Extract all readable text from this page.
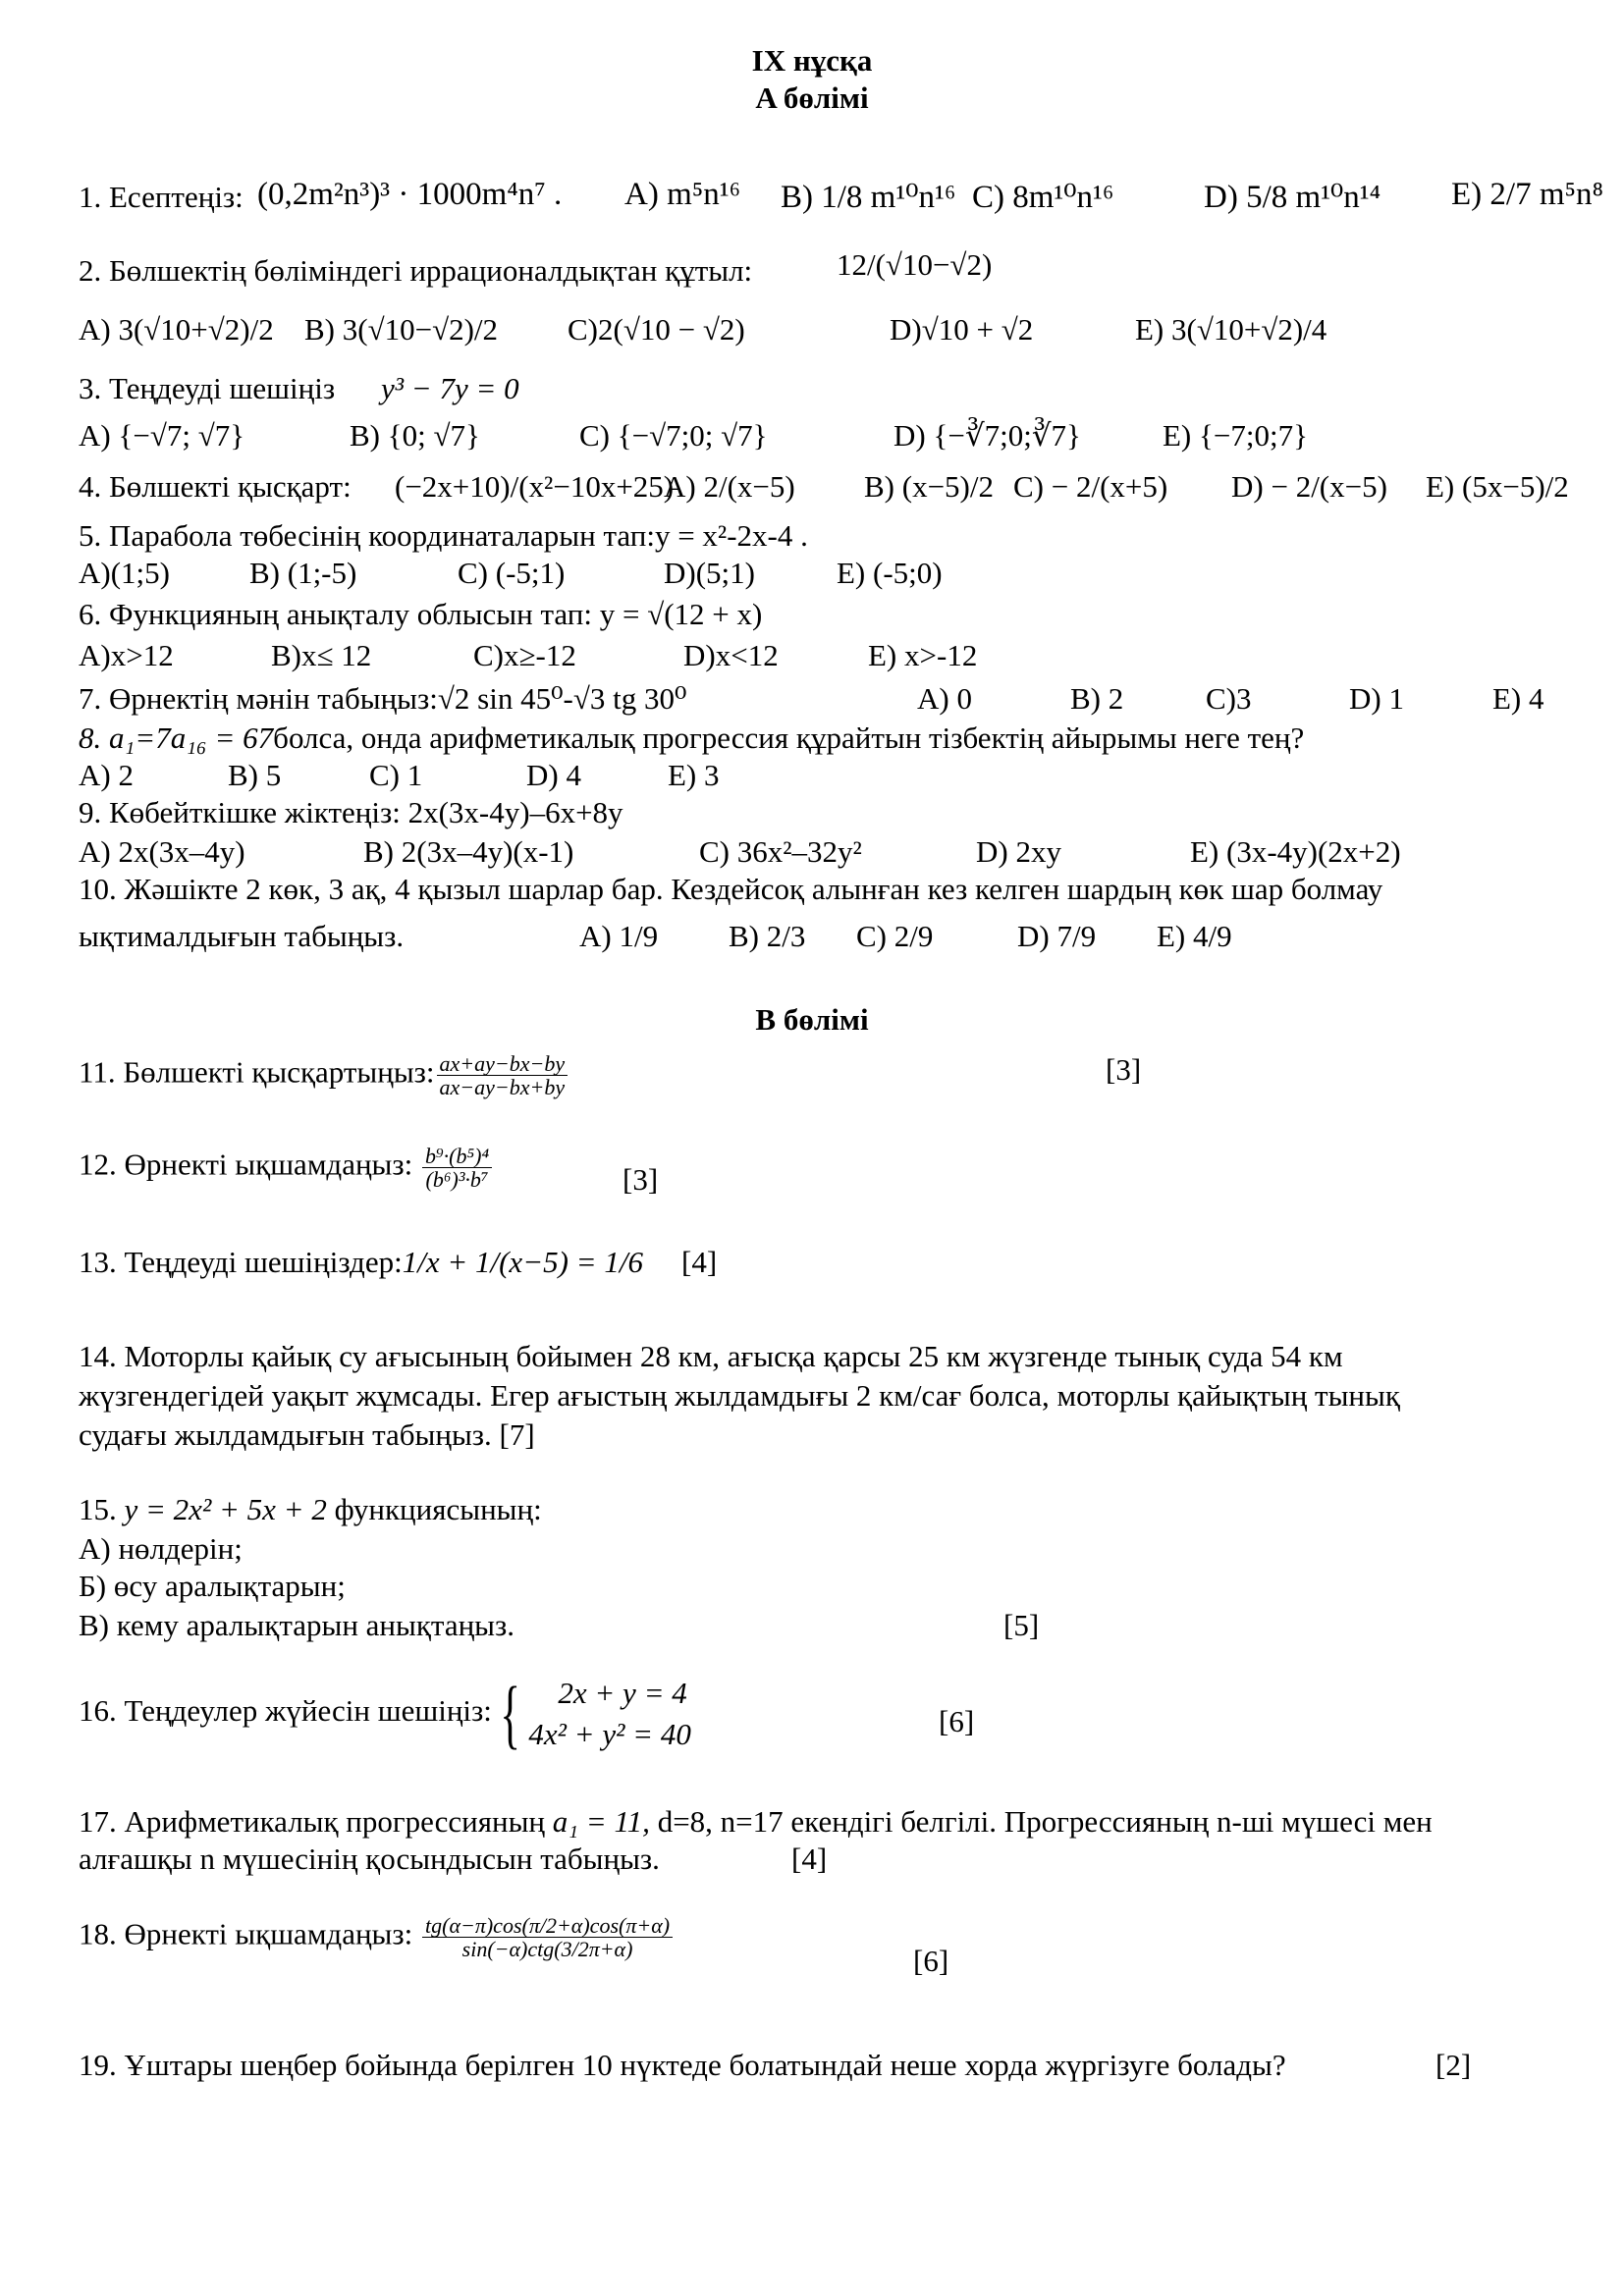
IX нұсқа
A бөлімі
1. Есептеңіз: (0,2m²n³)³ · 1000m⁴n⁷ . A) m⁵n¹⁶ B) 1/8 m¹⁰n¹⁶ C) 8m¹⁰n¹⁶	D) 5/8 m¹⁰n¹⁴ E) 2/7 m⁵n⁸
2. Бөлшектің бөліміндегі иррационалдықтан құтыл:	12/(√10−√2)
A) 3(√10+√2)/2 B) 3(√10−√2)/2 C)2(√10 − √2)	D)√10 + √2	E) 3(√10+√2)/4
3. Теңдеуді шешіңіз y³ − 7y = 0
A) {−√7; √7}	B) {0; √7}	C) {−√7;0; √7}	D) {−∛7;0;∛7}	E) {−7;0;7}
4. Бөлшекті қысқарт: (−2x+10)/(x²−10x+25)
A) 2/(x−5) B) (x−5)/2 C) − 2/(x+5) D) − 2/(x−5) E) (5x−5)/2
5. Парабола төбесінің координаталарын тап:y = x²-2x-4 .
A)(1;5)	B) (1;-5)	C) (-5;1)	D)(5;1)	E) (-5;0)
6. Функцияның анықталу облысын тап: y = √(12 + x)
A)x>12	B)x≤ 12	C)x≥-12	D)x<12	E) x>-12
7. Өрнектің мәнін табыңыз:√2 sin 45⁰-√3 tg 30⁰	A) 0	B) 2	C)3	D) 1	E) 4
8. a₁=7a₁₆ = 67болса, онда арифметикалық прогрессия құрайтын тізбектің айырымы неге тең?
A) 2	B) 5	C) 1	D) 4	E) 3
9. Көбейткішке жіктеңіз: 2x(3x-4y)–6x+8y
A) 2x(3x–4y)	B) 2(3x–4y)(x-1)	C) 36x²–32y²	D) 2xy	E) (3x-4y)(2x+2)
10. Жәшікте 2 көк, 3 ақ, 4 қызыл шарлар бар. Кездейсоқ алынған кез келген шардың көк шар болмау
ықтималдығын табыңыз.	A) 1/9 B) 2/3 C) 2/9	D) 7/9 E) 4/9
В бөлімі
11. Бөлшекті қысқартыңыз: $\frac{ax+ay-bx-by}{ax-ay-bx+by}$	[3]
12. Өрнекті ықшамдаңыз: $\frac{\text{b⁹·(b⁵)⁴}}{\text{(b⁶)³·b⁷}}$	[3]
13. Теңдеуді шешіңіздер:1/x + 1/(x−5) = 1/6 [4]
14. Моторлы қайық су ағысының бойымен 28 км, ағысқа қарсы 25 км жүзгенде тынық суда 54 км
жүзгендегідей уақыт жұмсады. Егер ағыстың жылдамдығы 2 км/сағ болса, моторлы қайықтың тынық
судағы жылдамдығын табыңыз. [7]
15. y = 2x² + 5x + 2 функциясының:
А) нөлдерін;
Б) өсу аралықтарын;
В) кему аралықтарын анықтаңыз.	[5]
16. Теңдеулер жүйесін шешіңіз: {	2x + y = 4
4x² + y² = 40	[6]
17. Арифметикалық прогрессияның a₁ = 11, d=8, n=17 екендігі белгілі. Прогрессияның n-ші мүшесі мен
алғашқы n мүшесінің қосындысын табыңыз.	[4]
18. Өрнекті ықшамдаңыз: $\frac{tg(\alpha-\pi)\cos(\pi/2+\alpha)\cos(\pi+\alpha)}{\text{sin(−α)ctg(3/2π+α)}}$
[6]
19. Ұштары шеңбер бойында берілген 10 нүктеде болатындай неше хорда жүргізуге болады?	[2]
